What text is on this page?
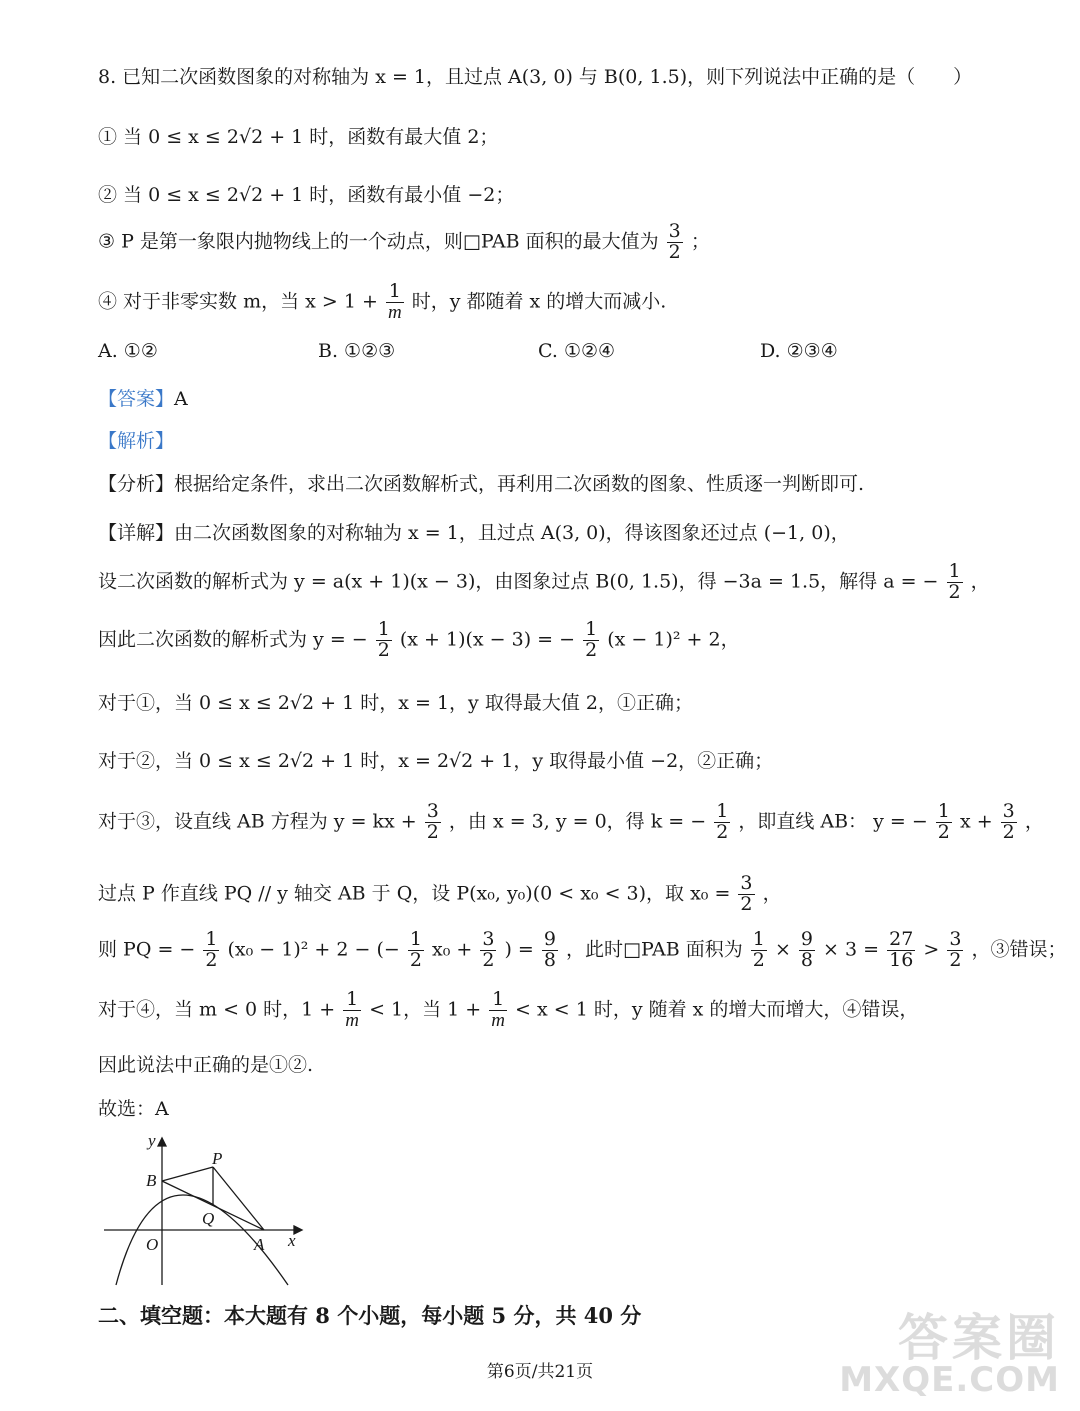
8. 已知二次函数图象的对称轴为 x = 1，且过点 A(3, 0) 与 B(0, 1.5)，则下列说法中正确的是（　　）
① 当 0 ≤ x ≤ 2√2 + 1 时，函数有最大值 2；
② 当 0 ≤ x ≤ 2√2 + 1 时，函数有最小值 −2；
③ P 是第一象限内抛物线上的一个动点，则□PAB 面积的最大值为 $\frac{3}{2}$ ；
④ 对于非零实数 m，当 $x > 1 + \frac{1}{m}$ 时，y 都随着 x 的增大而减小.
A. ①②	B. ①②③	C. ①②④	D. ②③④
【答案】A
【解析】
【分析】根据给定条件，求出二次函数解析式，再利用二次函数的图象、性质逐一判断即可.
【详解】由二次函数图象的对称轴为 x = 1，且过点 A(3, 0)，得该图象还过点 (−1, 0)，
设二次函数的解析式为 y = a(x + 1)(x − 3)，由图象过点 B(0, 1.5)，得 −3a = 1.5，解得 a = − $\frac{1}{2}$ ，
因此二次函数的解析式为 y = − $\frac{1}{2} (x + 1)(x - 3)$ = − $\frac{1}{2} (x - 1)^2 + 2$，
对于①，当 0 ≤ x ≤ 2√2 + 1 时，x = 1，y 取得最大值 2，①正确；
对于②，当 0 ≤ x ≤ 2√2 + 1 时，x = 2√2 + 1，y 取得最小值 −2，②正确；
对于③，设直线 AB 方程为 y = kx + $\frac{3}{2}$ ，由 x = 3, y = 0，得 k = − $\frac{1}{2}$ ，即直线 AB： y = − $\frac{1}{2}$ $x + \frac{3}{2}$ ，
过点 P 作直线 PQ // y 轴交 AB 于 Q，设 P(x₀, y₀)(0 < x₀ < 3)，取 $x_0 = \frac{3}{2}$ ，
则 PQ = − $\frac{1}{2} (x_0 - 1)^2 + 2$ − (− $\frac{1}{2} x_0 + \frac{3}{2}$ ) = $\frac{9}{8}$ ，此时□PAB 面积为 $\frac{1}{2} \times \frac{9}{8} \times 3 = \frac{27}{16} > \frac{3}{2}$ ，③错误；
对于④，当 m < 0 时，$1 + \frac{1}{m} < 1$，当 $1 + \frac{1}{m} < x < 1$ 时，y 随着 x 的增大而增大，④错误，
因此说法中正确的是①②.
故选：A
y
x
O
B
P
Q
A
二、填空题：本大题有 8 个小题，每小题 5 分，共 40 分
第6页/共21页
答案圈
MXQE.COM
